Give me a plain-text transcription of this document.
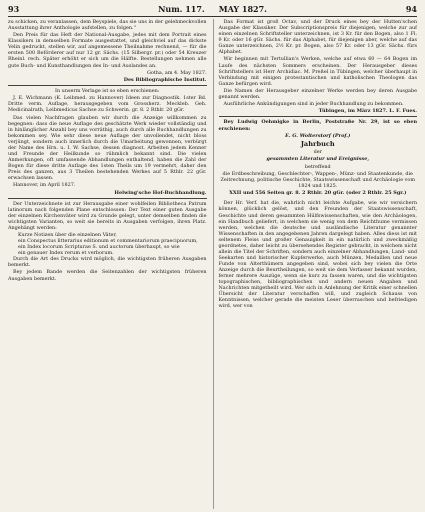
93	Num. 117. MAY 1827.	94

zu schicken, zu veranlassen, dem Beyspiele, das sie uns in der gelehmeckvollen Ausstattung ihrer Anthologie aufstellen, zu folgen."

Den Preis für das Heft der National-Ausgabe, jedes mit dem Portrait eines Klassikers in demselben Formate ausgestattet, und gleichviel auf das dickste Velin gedruckt, stellen wir, auf angemessene Theilnahme rechnend, — für die ersten 500 Beförderer auf nur 12 gr. Sächs. (15 Silbergr. pr.) oder 54 Kreuzer Rheinl. rech. Später erhöht er sich um die Hälfte. Bestellungen nehmen alle gute Buch- und Kunsthandlungen des In- und Auslandes an.

Gotha, am 4. May 1827.

Des Bibliographische Institut.

In unserm Verlage ist so eben erschienen:

J. E. Wichmann (K. Leibmed. zu Hannover) Ideen zur Diagnostik. 1ster Bd. Dritte verm. Auflage, herausgegeben vom Grossherz. Meckleb. Geh. Medicinalrath, Leibmedicus Sachse zu Schwerin. gr. 8. 2 Rthlr. 20 gGr.

Das vielen Nachfragen glauben wir durch die Anzeige willkommen zu begegnen: dass die neue Auflage des geschätzte Werk wieder vollständig und in hinlänglicher Anzahl bey uns vorräthig, auch durch alle Buchhandlungen zu bekommen sey. Wie sehr diese neue Auflage der unvollendet, nicht bloss verjüngt, sondern auch innerlich durch die Umarbeitung gewonnen, verbürgt der Name des Hrn. u. I. W. Sachse, dessen diagnost. Arbeiten jedem Kenner und Freunde der Heilkunde so rühmlich bekannt sind. Die vielen Anmerkungen, oft umfassende Abhandlungen enthaltend, haben die Zahl der Bogen für diese dritte Auflage des 1sten Theils um 19 vermehrt, daher den Preis des ganzen, aus 3 Theilen bestehenden Werkes auf 5 Rthlr. 22 gGr. erwachsen lassen.

Hannover, im April 1827.

Helwing'sche Hof-Buchhandlung.

Der Unterzeichnete ist zur Herausgabe einer wohlfeilen Bibliotheca Patrum latinorum nach folgenden Plane entschlossen: Der Text einer guten Ausgabe der einzelnen Kirchenväter wird zu Grunde gelegt, unter demselben finden die wichtigsten Varianten, so weit sie bereits in Ausgaben verfolgen, ihren Platz. Angehängt werden:

Kurze Notizen über die einzelnen Väter,
ein Conspectus litterarius editionum et commentariorum praecipuorum,
ein Index locorum Scripturae S. und auctorum überhaupt, so wie
ein genauer Index rerum et verborum.

Durch die Art des Drucks wird möglich, die wichtigsten früheren Ausgaben bemerkt.

Bey jedem Bande werden die Seitenzahlen der wichtigsten früheren Ausgaben bemerkt.

Das Format ist groß Octav, und der Druck eines bey der Hutten'schen Ausgabe der Klassiker. Der Subscriptionspreis für diejenigen, welche zur auf einen einzelnen Schriftsteller unterzeichnen, ist 3 Kr. für den Bogen, also 1 Fl. 9 Kr. oder 16 gGr. Sächs. für das Alphabet, für diejenigen aber, welche auf das Ganze unterzeichnen, 2½ Kr. pr. Bogen, also 57 Kr. oder 13 gGr. Sächs. fürs Alphabet.

Wir beginnen mit Tertullian's Werken, welche auf etwa 60 — 64 Bogen im Laufe des nächsten Sommers erscheinen. Der Herausgeber dieses Schriftstellers ist Herr Archidiac. M. Preßel in Tübingen, welcher überhaupt in Verbindung mit einigen protestantischen und katholischen Theologen das Ganze befürgen wird.

Die Namen der Herausgeber einzelner Werke werden bey deren Ausgabe genannt werden.

Ausführliche Ankündigungen sind in jeder Buchhandlung zu bekommen.

Tübingen, im März 1827. L. F. Fues.

Bey Ludwig Oehmigke in Berlin, Poststraße Nr. 29, ist so eben erschienen:

E. G. Wolterstorf (Prof.)

Jahrbuch

der

gesammten Literatur und Ereignisse,

betreffend

die Erdbeschreibung, Geschlechter-, Wappen-, Münz- und Staatenkunde, die Zeitrechnung, politische Geschichte, Staatswissenschaft und Archäologie vom 1824 und 1825.

XXII und 556 Seiten gr. 8. 2 Rthlr. 20 gGr. (oder 2 Rthlr. 25 Sgr.)

Der Hr. Verf. hat die, wahrlich nicht leichte Aufgabe, wie wir versichern können, glücklich gelöst, und den Freunden der Staatswissenschaft, Geschichte und deren gesammten Hülfswissenschaften, wie den Archäologen, ein Handbuch geliefert, in welchem sie wenig von dem Reichthume vermissen werden, welchen die deutsche und ausländische Literatur genannter Wissenschaften in den angegebenen Jahren dargelegt haben. Alles diess ist mit seltenem Fleiss und großer Genauigkeit in ein natürlich und zweckmäßig geordnetes, daher leicht zu übersehendes Register gebracht, in welchem nicht allein die Titel der Schriften, sondern auch einzelner Abhandlungen, Land- und Seekarten und historischer Kupferwerke, auch Münzen, Medaillen und neue Funde von Alterthümern angegeben sind, wobei sich bey vielen die Orte Anzeige durch die Beurtheilungen, so weit sie dem Verfasser bekannt wurden, ferner mehrere Auszüge, wenn sie kurz zu fassen waren, und die wichtigsten topographischen, bibliographischen und andern neuen Angaben und Nachrichten mitgetheilt wird. Wer sich in Anlehnung der Kritik einer schnellen Übersicht der Literatur verschaffen will, und zugleich Schauss von Kenntnissen, welcher gerade die meisten Leser überraschen und befriedigen wird, wer von
